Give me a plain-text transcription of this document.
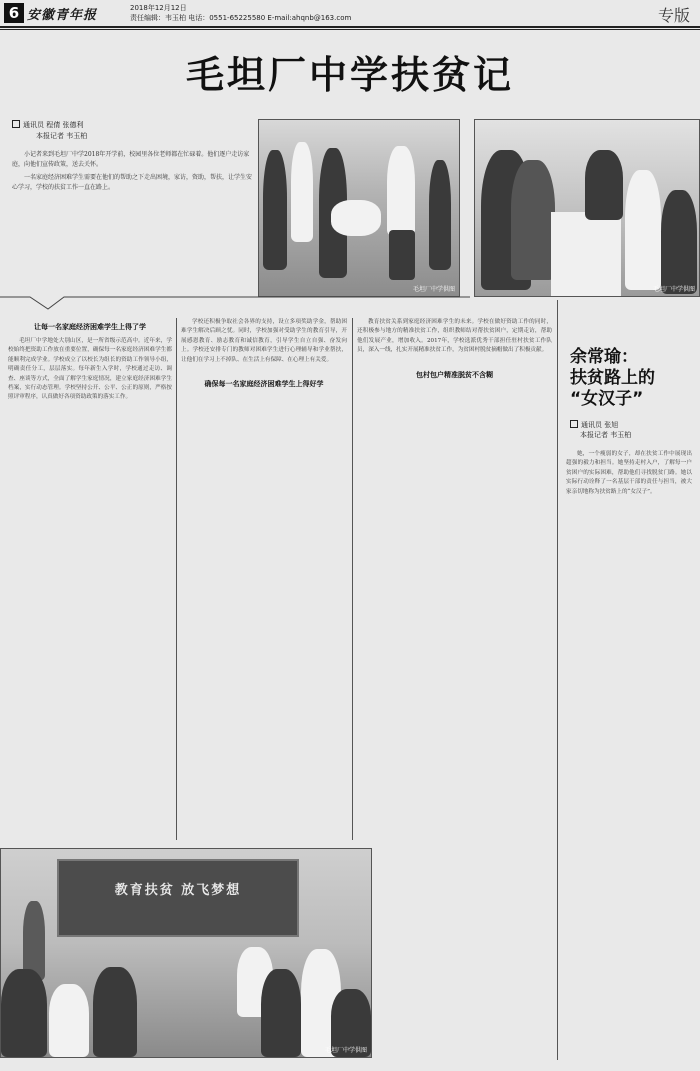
6 安徽青年报	2018年12月12日
责任编辑：韦玉柏 电话：0551-65225580 E-mail:ahqnb@163.com	专版
毛坦厂中学扶贫记
通讯员 程倩 张德利
本报记者 韦玉柏

小记者来到毛坦厂中学2018年开学前，校园里各位老师都在忙碌着。他们逐户走访家庭，向他们宣传政策，送去关怀。

一名家庭经济困难学生需要在他们的帮助之下走出困境，家访，资助，帮扶，让学生安心学习，学校的扶贫工作一直在路上。

毛坦厂中学供图	毛坦厂中学供图
让每一名家庭经济困难学生上得了学

毛坦厂中学地处大别山区，是一所省级示范高中。近年来，学校始终把资助工作放在重要位置，确保每一名家庭经济困难学生都能顺利完成学业。学校成立了以校长为组长的资助工作领导小组，明确责任分工，层层落实。每年新生入学时，学校通过走访、调查、座谈等方式，全面了解学生家庭情况，建立家庭经济困难学生档案，实行动态管理。学校坚持公开、公平、公正的原则，严格按照评审程序，认真做好各项资助政策的落实工作。

学校还积极争取社会各界的支持，设立多项奖助学金，帮助困难学生解决后顾之忧。同时，学校加强对受助学生的教育引导，开展感恩教育、励志教育和诚信教育，引导学生自立自强、奋发向上。学校还安排专门的教师对困难学生进行心理辅导和学业帮扶，让他们在学习上不掉队、在生活上有保障、在心理上有关爱。

确保每一名家庭经济困难学生上得好学

教育扶贫关系到家庭经济困难学生的未来。学校在做好资助工作的同时，还积极参与地方的精准扶贫工作，组织教师结对帮扶贫困户，定期走访，帮助他们发展产业，增加收入。2017年，学校选派优秀干部担任驻村扶贫工作队员，深入一线，扎实开展精准扶贫工作，为贫困村脱贫摘帽做出了积极贡献。

包村包户精准脱贫不含糊
教育扶贫 放飞梦想
毛坦厂中学供图
余常瑜：
扶贫路上的
“女汉子”
通讯员 张旭
本报记者 韦玉柏

她，一个瘦弱的女子，却在扶贫工作中展现出超强的毅力和担当。她坚持走村入户，了解每一户贫困户的实际困难，帮助他们寻找脱贫门路。她以实际行动诠释了一名基层干部的责任与担当，被大家亲切地称为扶贫路上的“女汉子”。
